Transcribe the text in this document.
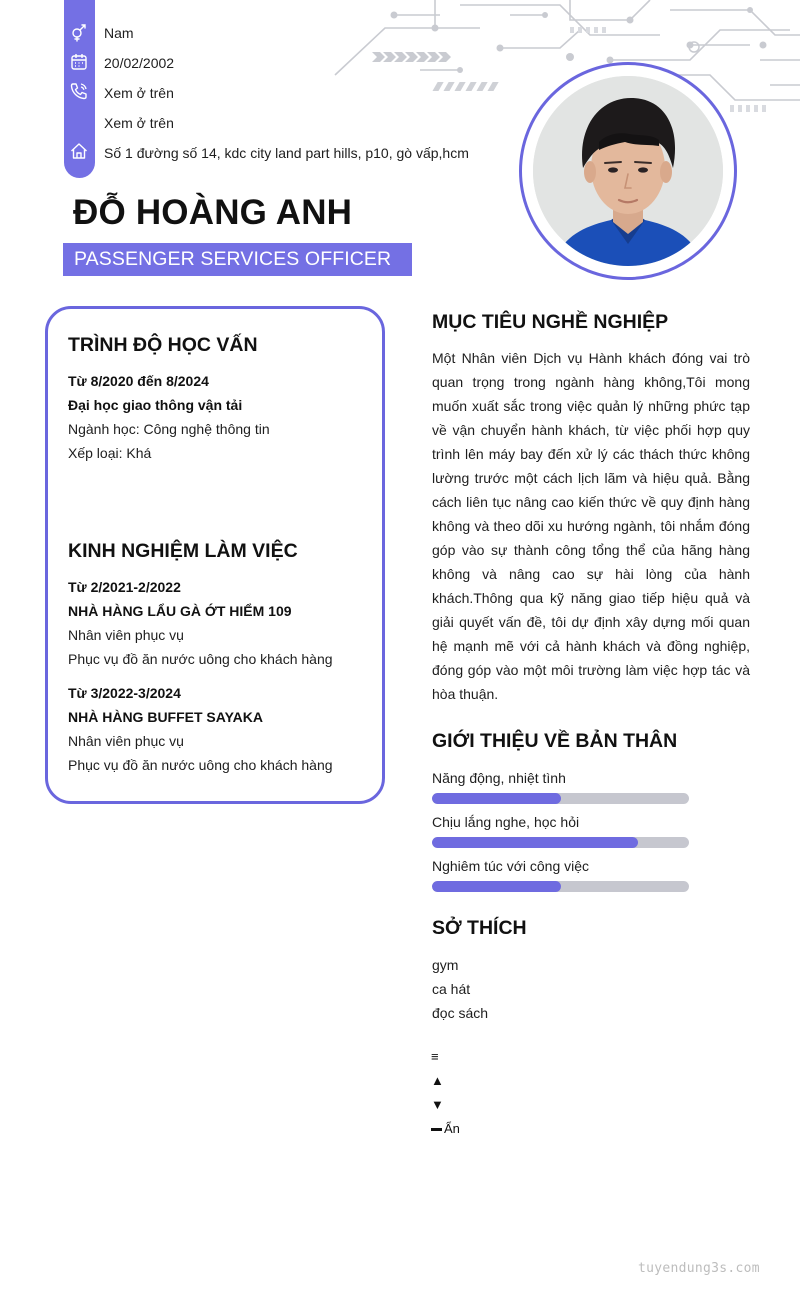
Nam
20/02/2002
Xem ở trên
Xem ở trên
Số 1 đường số 14, kdc city land part hills, p10, gò vấp,hcm
ĐỖ HOÀNG ANH
PASSENGER SERVICES OFFICER
TRÌNH ĐỘ HỌC VẤN
Từ 8/2020 đến 8/2024
Đại học giao thông vận tải
Ngành học: Công nghệ thông tin
Xếp loại: Khá
KINH NGHIỆM LÀM VIỆC
Từ 2/2021-2/2022
NHÀ HÀNG LẨU GÀ ỚT HIỂM 109
Nhân viên phục vụ
Phục vụ đồ ăn nước uông cho khách hàng
Từ 3/2022-3/2024
NHÀ HÀNG BUFFET SAYAKA
Nhân viên phục vụ
Phục vụ đồ ăn nước uông cho khách hàng
MỤC TIÊU NGHỀ NGHIỆP
Một Nhân viên Dịch vụ Hành khách đóng vai trò quan trọng trong ngành hàng không,Tôi mong muốn xuất sắc trong việc quản lý những phức tạp về vận chuyển hành khách, từ việc phối hợp quy trình lên máy bay đến xử lý các thách thức không lường trước một cách lịch lãm và hiệu quả. Bằng cách liên tục nâng cao kiến thức về quy định hàng không và theo dõi xu hướng ngành, tôi nhắm đóng góp vào sự thành công tổng thể của hãng hàng không và nâng cao sự hài lòng của hành khách.Thông qua kỹ năng giao tiếp hiệu quả và giải quyết vấn đề, tôi dự định xây dựng mối quan hệ mạnh mẽ với cả hành khách và đồng nghiệp, đóng góp vào một môi trường làm việc hợp tác và hòa thuận.
GIỚI THIỆU VỀ BẢN THÂN
Năng động, nhiệt tình
Chịu lắng nghe, học hỏi
Nghiêm túc với công việc
SỞ THÍCH
gym
ca hát
đọc sách
≡
▲
▼
Ẩn
tuyendung3s.com
